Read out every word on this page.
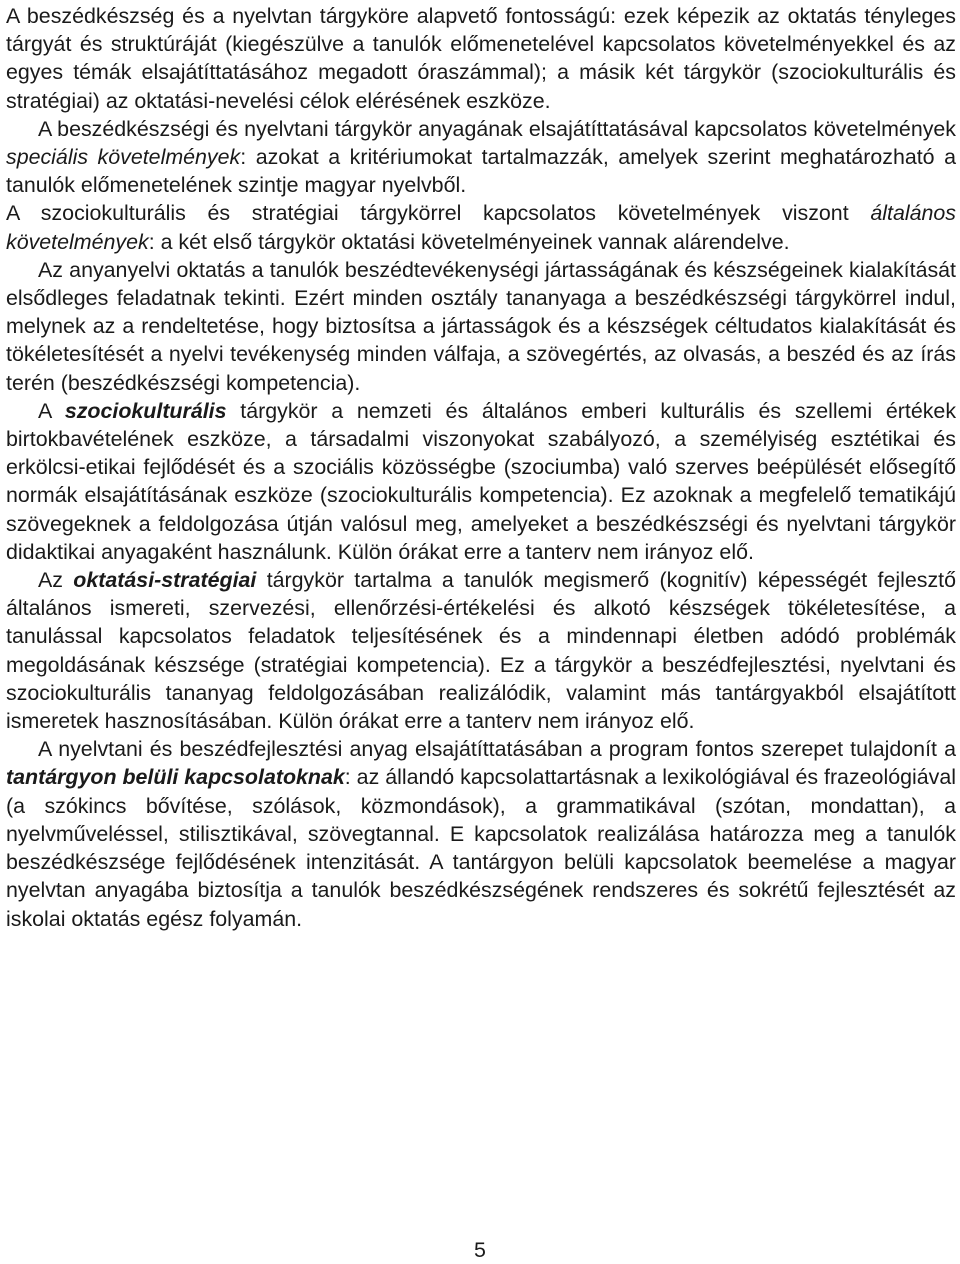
A beszédkészség és a nyelvtan tárgyköre alapvető fontosságú: ezek képezik az oktatás tényleges tárgyát és struktúráját (kiegészülve a tanulók előmenetelével kapcsolatos követelményekkel és az egyes témák elsajátíttatásához megadott óraszámmal); a másik két tárgykör (szociokulturális és stratégiai) az oktatási-nevelési célok elérésének eszköze.

A beszédkészségi és nyelvtani tárgykör anyagának elsajátíttatásával kapcsolatos követelmények speciális követelmények: azokat a kritériumokat tartalmazzák, amelyek szerint meghatározható a tanulók előmenetelének szintje magyar nyelvből.

A szociokulturális és stratégiai tárgykörrel kapcsolatos követelmények viszont általános követelmények: a két első tárgykör oktatási követelményeinek vannak alárendelve.

Az anyanyelvi oktatás a tanulók beszédtevékenységi jártasságának és készségeinek kialakítását elsődleges feladatnak tekinti. Ezért minden osztály tananyaga a beszédkészségi tárgykörrel indul, melynek az a rendeltetése, hogy biztosítsa a jártasságok és a készségek céltudatos kialakítását és tökéletesítését a nyelvi tevékenység minden válfaja, a szövegértés, az olvasás, a beszéd és az írás terén (beszédkészségi kompetencia).

A szociokulturális tárgykör a nemzeti és általános emberi kulturális és szellemi értékek birtokbavételének eszköze, a társadalmi viszonyokat szabályozó, a személyiség esztétikai és erkölcsi-etikai fejlődését és a szociális közösségbe (szociumba) való szerves beépülését elősegítő normák elsajátításának eszköze (szociokulturális kompetencia). Ez azoknak a megfelelő tematikájú szövegeknek a feldolgozása útján valósul meg, amelyeket a beszédkészségi és nyelvtani tárgykör didaktikai anyagaként használunk. Külön órákat erre a tanterv nem irányoz elő.

Az oktatási-stratégiai tárgykör tartalma a tanulók megismerő (kognitív) képességét fejlesztő általános ismereti, szervezési, ellenőrzési-értékelési és alkotó készségek tökéletesítése, a tanulással kapcsolatos feladatok teljesítésének és a mindennapi életben adódó problémák megoldásának készsége (stratégiai kompetencia). Ez a tárgykör a beszédfejlesztési, nyelvtani és szociokulturális tananyag feldolgozásában realizálódik, valamint más tantárgyakból elsajátított ismeretek hasznosításában. Külön órákat erre a tanterv nem irányoz elő.

A nyelvtani és beszédfejlesztési anyag elsajátíttatásában a program fontos szerepet tulajdonít a tantárgyon belüli kapcsolatoknak: az állandó kapcsolattartásnak a lexikológiával és frazeológiával (a szókincs bővítése, szólások, közmondások), a grammatikával (szótan, mondattan), a nyelvműveléssel, stilisztikával, szövegtannal. E kapcsolatok realizálása határozza meg a tanulók beszédkészsége fejlődésének intenzitását. A tantárgyon belüli kapcsolatok beemelése a magyar nyelvtan anyagába biztosítja a tanulók beszédkészségének rendszeres és sokrétű fejlesztését az iskolai oktatás egész folyamán.

5
